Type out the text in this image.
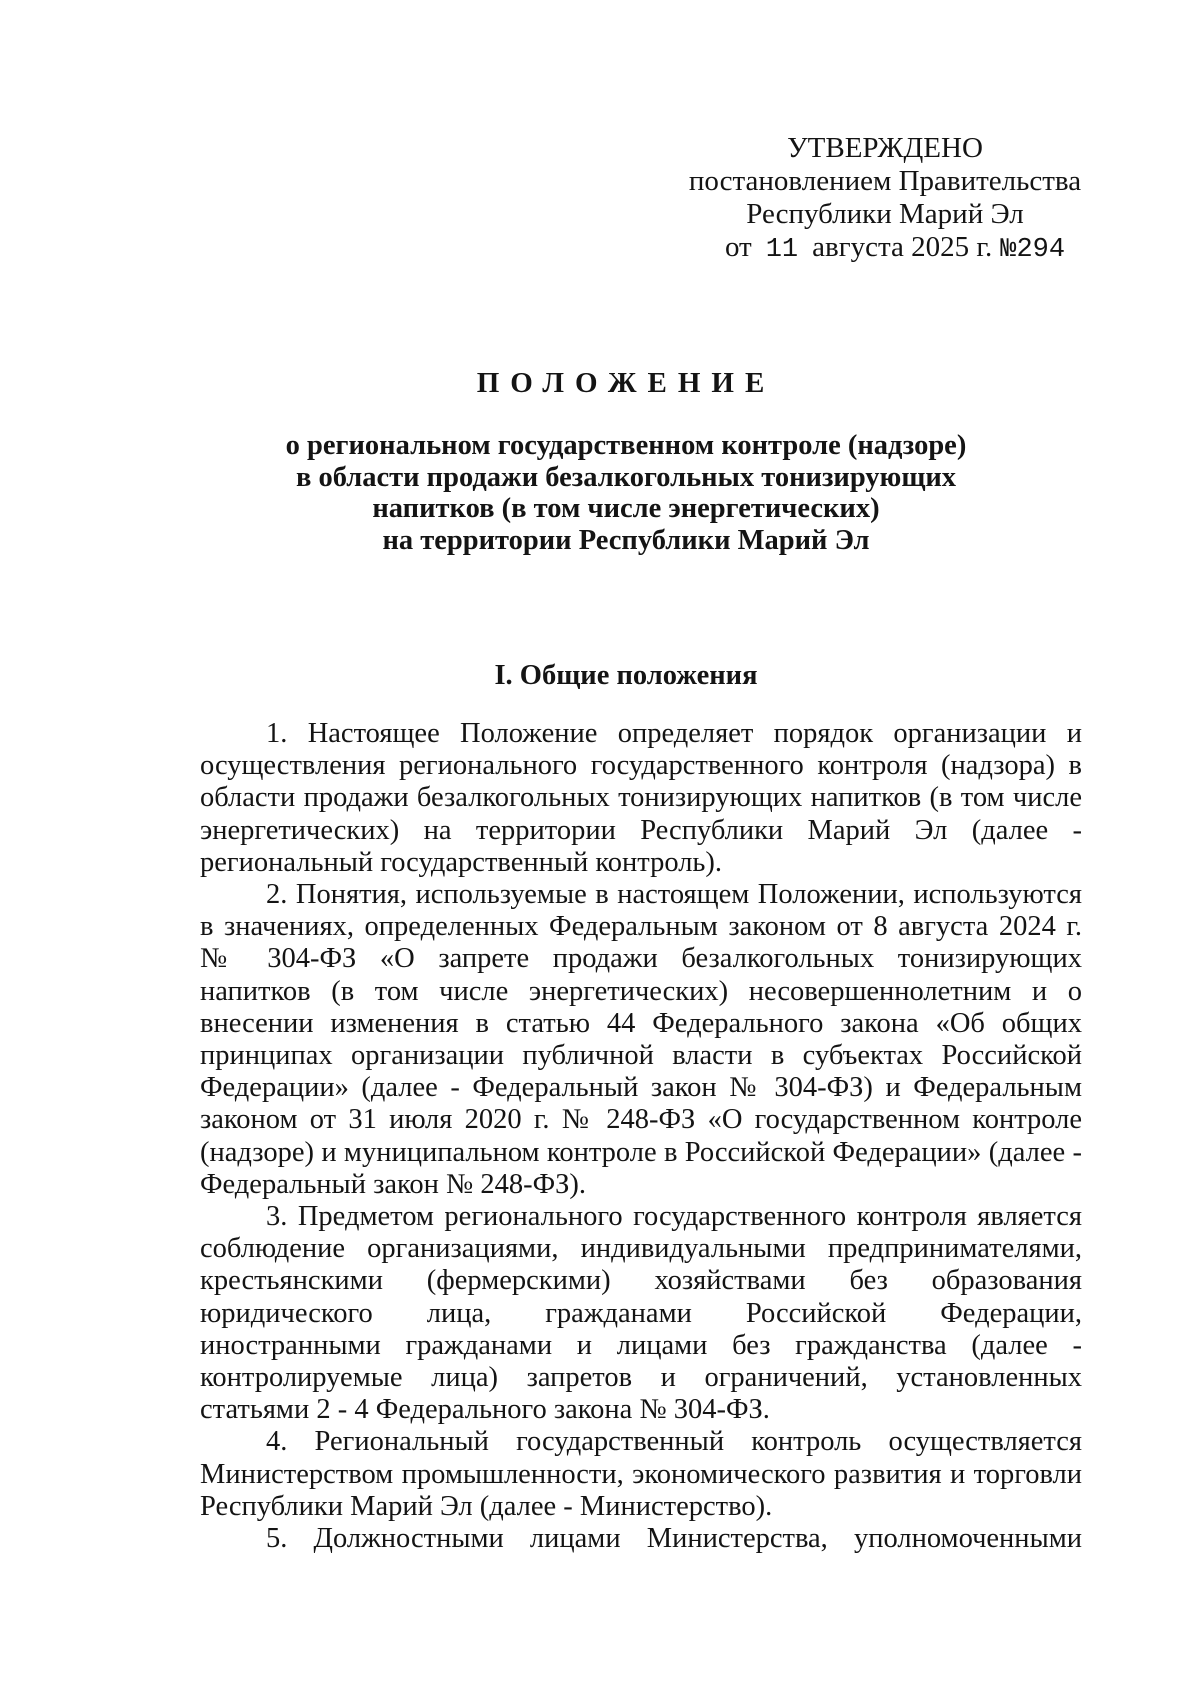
УТВЕРЖДЕНО
постановлением Правительства
Республики Марий Эл
от 11 августа 2025 г. №294
ПОЛОЖЕНИЕ
о региональном государственном контроле (надзоре)
в области продажи безалкогольных тонизирующих
напитков (в том числе энергетических)
на территории Республики Марий Эл
I. Общие положения

1. Настоящее Положение определяет порядок организации и осуществления регионального государственного контроля (надзора) в области продажи безалкогольных тонизирующих напитков (в том числе энергетических) на территории Республики Марий Эл (далее - региональный государственный контроль).

2. Понятия, используемые в настоящем Положении, используются в значениях, определенных Федеральным законом от 8 августа 2024 г. № 304-ФЗ «О запрете продажи безалкогольных тонизирующих напитков (в том числе энергетических) несовершеннолетним и о внесении изменения в статью 44 Федерального закона «Об общих принципах организации публичной власти в субъектах Российской Федерации» (далее - Федеральный закон № 304-ФЗ) и Федеральным законом от 31 июля 2020 г. № 248-ФЗ «О государственном контроле (надзоре) и муниципальном контроле в Российской Федерации» (далее - Федеральный закон № 248-ФЗ).

3. Предметом регионального государственного контроля является соблюдение организациями, индивидуальными предпринимателями, крестьянскими (фермерскими) хозяйствами без образования юридического лица, гражданами Российской Федерации, иностранными гражданами и лицами без гражданства (далее - контролируемые лица) запретов и ограничений, установленных статьями 2 - 4 Федерального закона № 304-ФЗ.

4. Региональный государственный контроль осуществляется Министерством промышленности, экономического развития и торговли Республики Марий Эл (далее - Министерство).

5. Должностными лицами Министерства, уполномоченными
